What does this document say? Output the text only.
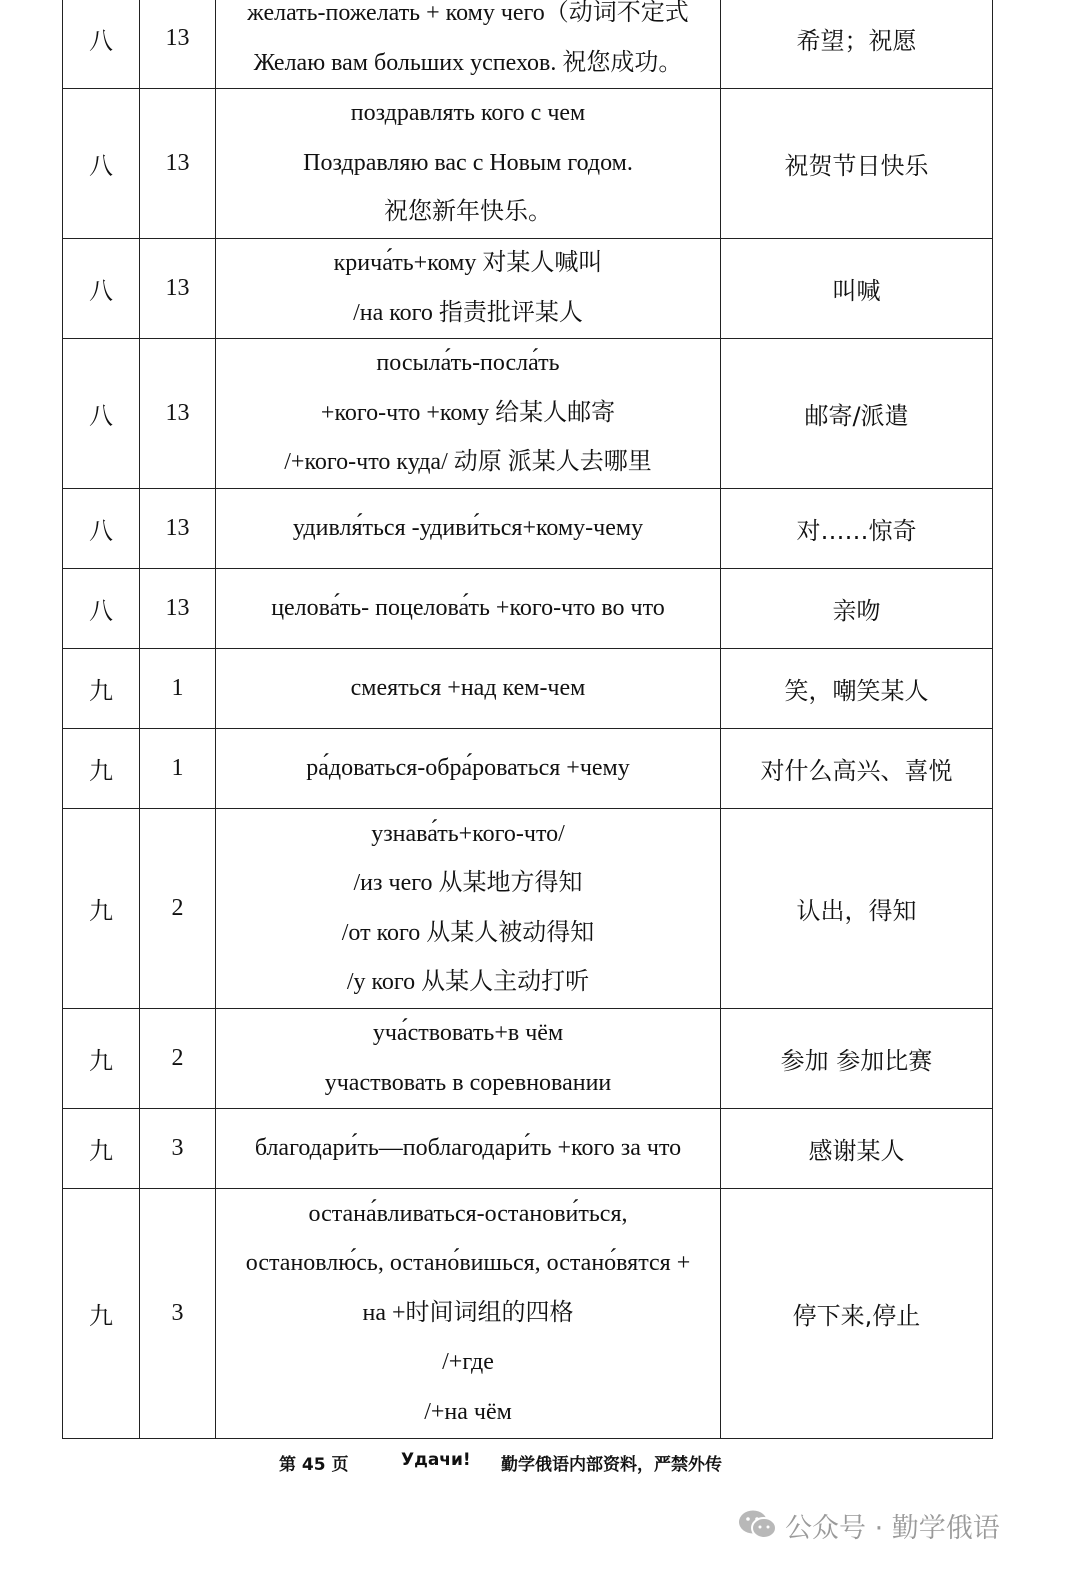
八	13	желать-пожелать + кому чего（动词不定式
Желаю вам больших успехов. 祝您成功。	希望；祝愿
八	13	поздравлять кого с чем
Поздравляю вас с Новым годом.
祝您新年快乐。	祝贺节日快乐
八	13	крича́ть+кому 对某人喊叫
/на кого 指责批评某人	叫喊
八	13	посыла́ть-посла́ть
+кого-что +кому 给某人邮寄
/+кого-что куда/ 动原 派某人去哪里	邮寄/派遣
八	13	удивля́ться -удиви́ться+кому-чему	对……惊奇
八	13	целова́ть- поцелова́ть +кого-что во что	亲吻
九	1	смеяться +над кем-чем	笑，嘲笑某人
九	1	ра́доваться-обра́роваться +чему	对什么高兴、喜悦
九	2	узнава́ть+кого-что/
/из чего 从某地方得知
/от кого 从某人被动得知
/у кого 从某人主动打听	认出，得知
九	2	уча́ствовать+в чём
участвовать в соревновании	参加 参加比赛
九	3	благодари́ть—поблагодари́ть +кого за что	感谢某人
九	3	остана́вливаться-останови́ться,
остановлю́сь, остано́вишься, остано́вятся +
на +时间词组的四格
/+где
/+на чём	停下来,停止
第 45 页	Удачи! 勤学俄语内部资料，严禁外传
公众号 · 勤学俄语
